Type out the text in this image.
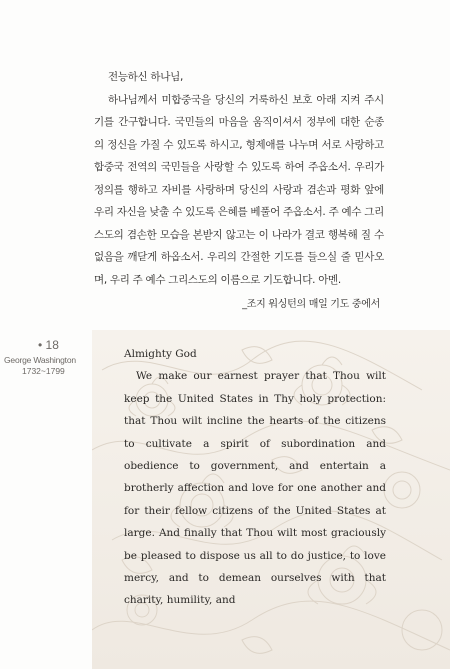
전능하신 하나님,

하나님께서 미합중국을 당신의 거룩하신 보호 아래 지켜 주시기를 간구합니다. 국민들의 마음을 움직이셔서 정부에 대한 순종의 정신을 가질 수 있도록 하시고, 형제애를 나누며 서로 사랑하고 합중국 전역의 국민들을 사랑할 수 있도록 하여 주옵소서. 우리가 정의를 행하고 자비를 사랑하며 당신의 사랑과 겸손과 평화 앞에 우리 자신을 낮출 수 있도록 은혜를 베풀어 주옵소서. 주 예수 그리스도의 겸손한 모습을 본받지 않고는 이 나라가 결코 행복해 질 수 없음을 깨닫게 하옵소서. 우리의 간절한 기도를 들으실 줄 믿사오며, 우리 주 예수 그리스도의 이름으로 기도합니다. 아멘.

_조지 워싱턴의 매일 기도 중에서

• 18
George Washington
1732~1799

Almighty God

We make our earnest prayer that Thou wilt keep the United States in Thy holy protection: that Thou wilt incline the hearts of the citizens to cultivate a spirit of subordination and obedience to government, and entertain a brotherly affection and love for one another and for their fellow citizens of the United States at large. And finally that Thou wilt most graciously be pleased to dispose us all to do justice, to love mercy, and to demean ourselves with that charity, humility, and
